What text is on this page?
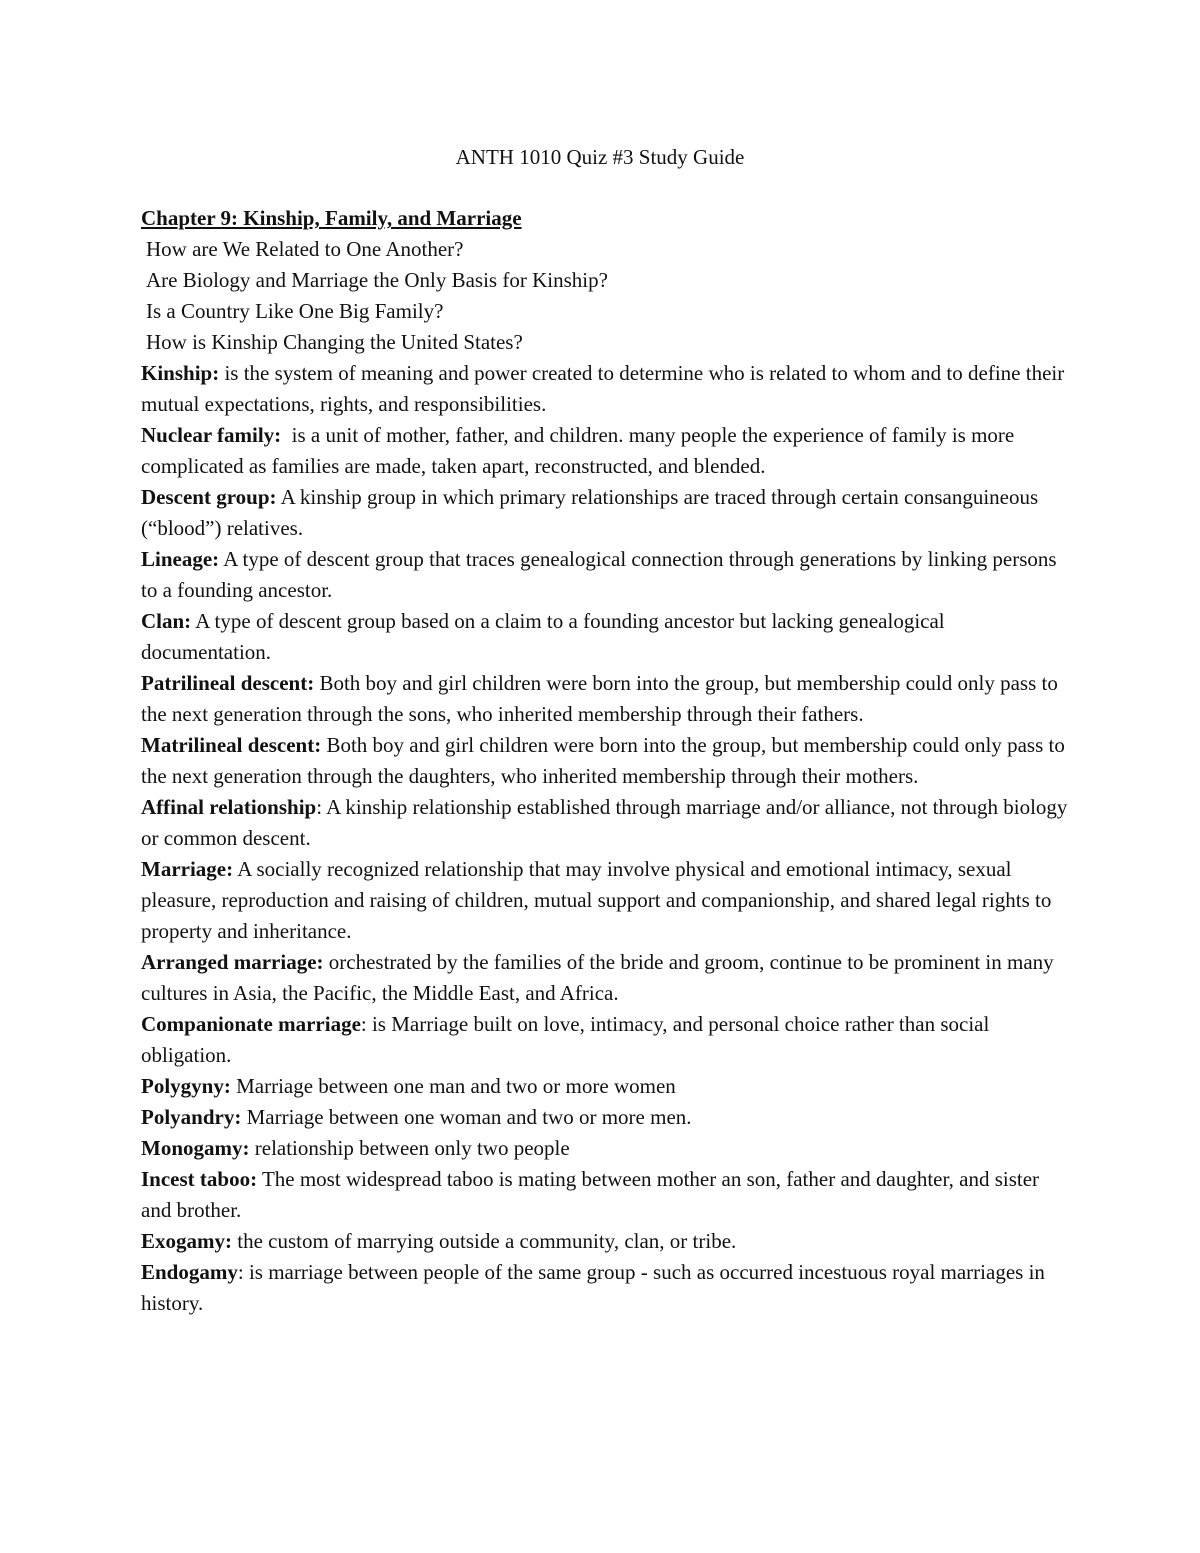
ANTH 1010 Quiz #3 Study Guide

Chapter 9: Kinship, Family, and Marriage

How are We Related to One Another?

Are Biology and Marriage the Only Basis for Kinship?

Is a Country Like One Big Family?

How is Kinship Changing the United States?

Kinship: is the system of meaning and power created to determine who is related to whom and to define their mutual expectations, rights, and responsibilities.

Nuclear family:  is a unit of mother, father, and children. many people the experience of family is more complicated as families are made, taken apart, reconstructed, and blended.

Descent group: A kinship group in which primary relationships are traced through certain consanguineous (“blood”) relatives.

Lineage: A type of descent group that traces genealogical connection through generations by linking persons to a founding ancestor.

Clan: A type of descent group based on a claim to a founding ancestor but lacking genealogical documentation.

Patrilineal descent: Both boy and girl children were born into the group, but membership could only pass to the next generation through the sons, who inherited membership through their fathers.

Matrilineal descent: Both boy and girl children were born into the group, but membership could only pass to the next generation through the daughters, who inherited membership through their mothers.

Affinal relationship: A kinship relationship established through marriage and/or alliance, not through biology or common descent.

Marriage: A socially recognized relationship that may involve physical and emotional intimacy, sexual pleasure, reproduction and raising of children, mutual support and companionship, and shared legal rights to property and inheritance.

Arranged marriage: orchestrated by the families of the bride and groom, continue to be prominent in many cultures in Asia, the Pacific, the Middle East, and Africa.

Companionate marriage: is Marriage built on love, intimacy, and personal choice rather than social obligation.

Polygyny: Marriage between one man and two or more women

Polyandry: Marriage between one woman and two or more men.

Monogamy: relationship between only two people

Incest taboo: The most widespread taboo is mating between mother an son, father and daughter, and sister and brother.

Exogamy: the custom of marrying outside a community, clan, or tribe.

Endogamy: is marriage between people of the same group - such as occurred incestuous royal marriages in history.
